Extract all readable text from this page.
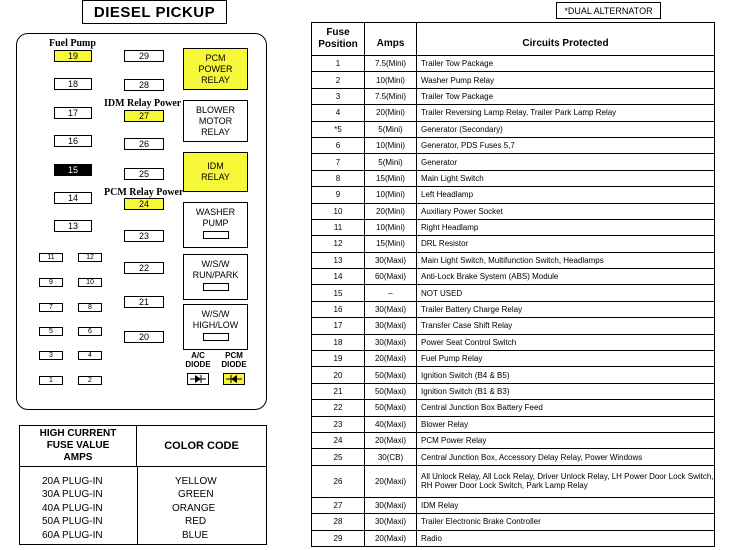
DIESEL PICKUP	*DUAL ALTERNATOR
Fuel Pump
IDM Relay Power
PCM Relay Power
19
18
17
16
15
14
13
29
28
27
26
25
24
23
22
21
20
11	12
9	10
7	8
5	6
3	4
1	2
PCM
POWER
RELAY
BLOWER
MOTOR
RELAY
IDM
RELAY
WASHER
PUMP
W/S/W
RUN/PARK
W/S/W
HIGH/LOW
A/C
DIODE
PCM
DIODE
HIGH CURRENT
FUSE VALUE
AMPS
COLOR CODE
20A PLUG-IN	YELLOW
30A PLUG-IN	GREEN
40A PLUG-IN	ORANGE
50A PLUG-IN	RED
60A PLUG-IN	BLUE
Fuse
Position	Amps	Circuits Protected
1	7.5(Mini)	Trailer Tow Package
2	10(Mini)	Washer Pump Relay
3	7.5(Mini)	Trailer Tow Package
4	20(Mini)	Trailer Reversing Lamp Relay, Trailer Park Lamp Relay
*5	5(Mini)	Generator (Secondary)
6	10(Mini)	Generator, PDS Fuses 5,7
7	5(Mini)	Generator
8	15(Mini)	Main Light Switch
9	10(Mini)	Left Headlamp
10	20(Mini)	Auxiliary Power Socket
11	10(Mini)	Right Headlamp
12	15(Mini)	DRL Resistor
13	30(Maxi)	Main Light Switch, Multifunction Switch, Headlamps
14	60(Maxi)	Anti-Lock Brake System (ABS) Module
15	–	NOT USED
16	30(Maxi)	Trailer Battery Charge Relay
17	30(Maxi)	Transfer Case Shift Relay
18	30(Maxi)	Power Seat Control Switch
19	20(Maxi)	Fuel Pump Relay
20	50(Maxi)	Ignition Switch (B4 & B5)
21	50(Maxi)	Ignition Switch (B1 & B3)
22	50(Maxi)	Central Junction Box Battery Feed
23	40(Maxi)	Blower Relay
24	20(Maxi)	PCM Power Relay
25	30(CB)	Central Junction Box, Accessory Delay Relay, Power Windows
26	20(Maxi)	All Unlock Relay, All Lock Relay, Driver Unlock Relay, LH Power Door Lock Switch, RH Power Door Lock Switch, Park Lamp Relay
27	30(Maxi)	IDM Relay
28	30(Maxi)	Trailer Electronic Brake Controller
29	20(Maxi)	Radio
